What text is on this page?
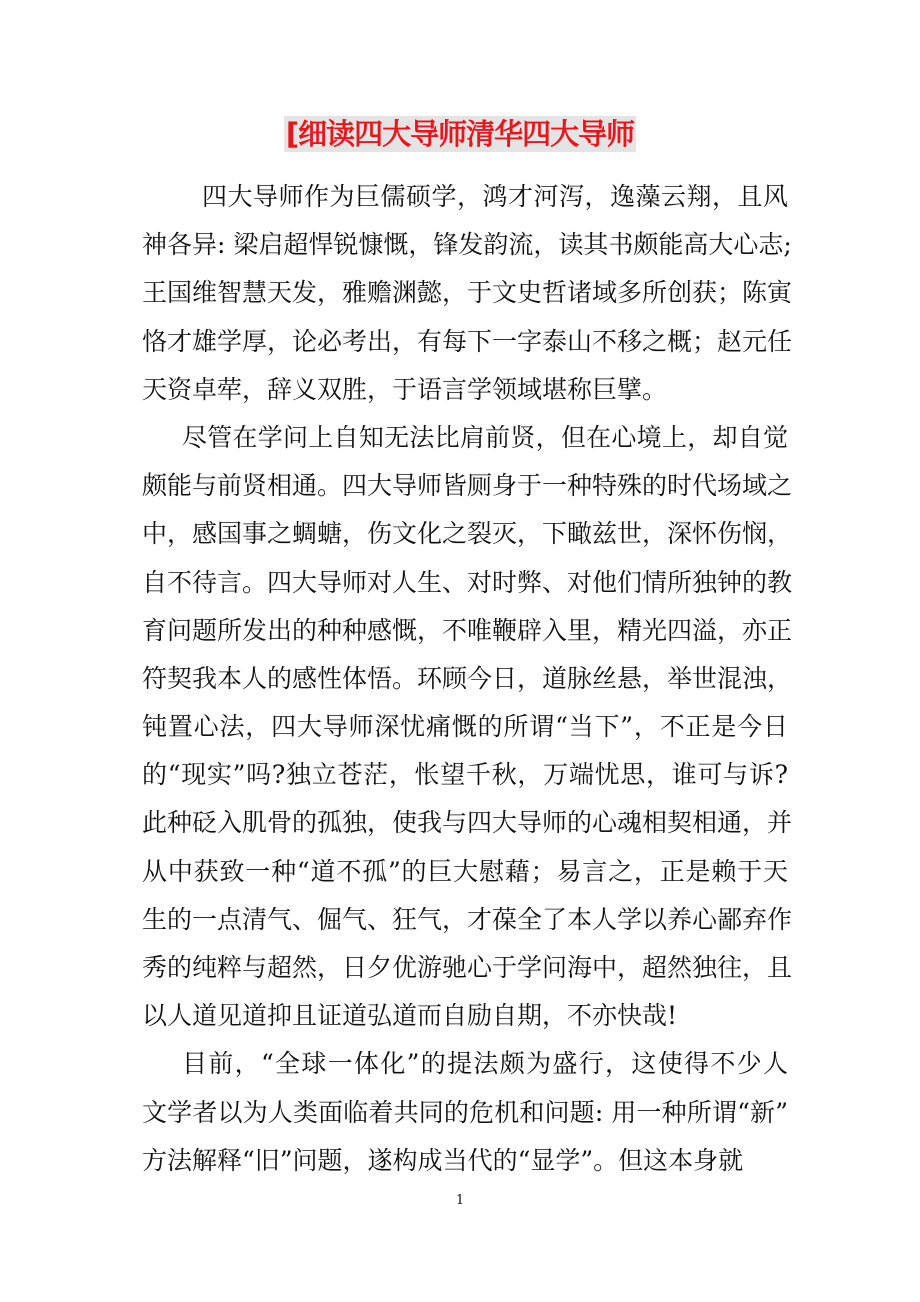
[细读四大导师清华四大导师
四大导师作为巨儒硕学，鸿才河泻，逸藻云翔，且风
神各异: 梁启超悍锐慷慨，锋发韵流，读其书颇能高大心志;
王国维智慧天发，雅赡渊懿，于文史哲诸域多所创获；陈寅
恪才雄学厚，论必考出，有每下一字泰山不移之概；赵元任
天资卓荦，辞义双胜，于语言学领域堪称巨擘。
尽管在学问上自知无法比肩前贤，但在心境上，却自觉
颇能与前贤相通。四大导师皆厕身于一种特殊的时代场域之
中，感国事之蜩螗，伤文化之裂灭，下瞰兹世，深怀伤悯，
自不待言。四大导师对人生、对时弊、对他们情所独钟的教
育问题所发出的种种感慨，不唯鞭辟入里，精光四溢，亦正
符契我本人的感性体悟。环顾今日，道脉丝悬，举世混浊，
钝置心法，四大导师深忧痛慨的所谓“当下”，不正是今日
的“现实”吗?独立苍茫，怅望千秋，万端忧思，谁可与诉?
此种砭入肌骨的孤独，使我与四大导师的心魂相契相通，并
从中获致一种“道不孤”的巨大慰藉；易言之，正是赖于天
生的一点清气、倔气、狂气，才葆全了本人学以养心鄙弃作
秀的纯粹与超然，日夕优游驰心于学问海中，超然独往，且
以人道见道抑且证道弘道而自励自期，不亦快哉!
目前，“全球一体化”的提法颇为盛行，这使得不少人
文学者以为人类面临着共同的危机和问题: 用一种所谓“新”
方法解释“旧”问题，遂构成当代的“显学”。但这本身就
1
